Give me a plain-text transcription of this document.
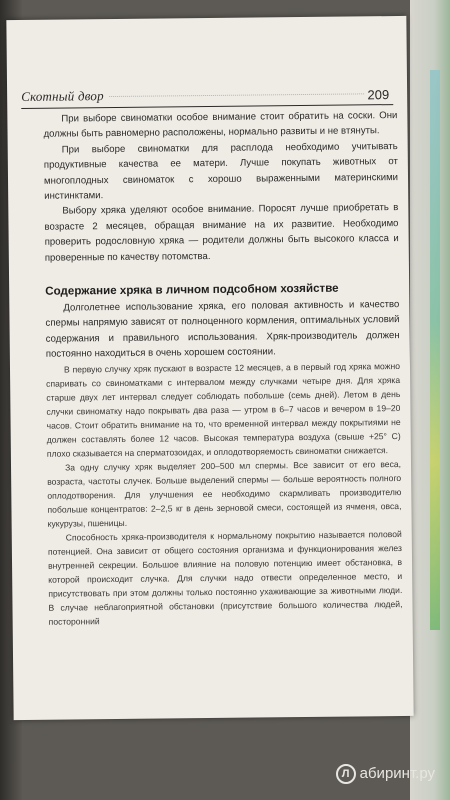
Скотный двор	209

При выборе свиноматки особое внимание стоит обратить на соски. Они должны быть равномерно расположены, нормально развиты и не втянуты.

При выборе свиноматки для расплода необходимо учитывать продуктивные качества ее матери. Лучше покупать животных от многоплодных свиноматок с хорошо выраженными материнскими инстинктами.

Выбору хряка уделяют особое внимание. Поросят лучше приобретать в возрасте 2 месяцев, обращая внимание на их развитие. Необходимо проверить родословную хряка — родители должны быть высокого класса и проверенные по качеству потомства.

Содержание хряка в личном подсобном хозяйстве

Долголетнее использование хряка, его половая активность и качество спермы напрямую зависят от полноценного кормления, оптимальных условий содержания и правильного использования. Хряк-производитель должен постоянно находиться в очень хорошем состоянии.

В первую случку хряк пускают в возрасте 12 месяцев, а в первый год хряка можно спаривать со свиноматками с интервалом между случками четыре дня. Для хряка старше двух лет интервал следует соблюдать побольше (семь дней). Летом в день случки свиноматку надо покрывать два раза — утром в 6–7 часов и вечером в 19–20 часов. Стоит обратить внимание на то, что временной интервал между покрытиями не должен составлять более 12 часов. Высокая температура воздуха (свыше +25° С) плохо сказывается на сперматозоидах, и оплодотворяемость свиноматки снижается.

За одну случку хряк выделяет 200–500 мл спермы. Все зависит от его веса, возраста, частоты случек. Больше выделений спермы — больше вероятность полного оплодотворения. Для улучшения ее необходимо скармливать производителю побольше концентратов: 2–2,5 кг в день зерновой смеси, состоящей из ячменя, овса, кукурузы, пшеницы.

Способность хряка-производителя к нормальному покрытию называется половой потенцией. Она зависит от общего состояния организма и функционирования желез внутренней секреции. Большое влияние на половую потенцию имеет обстановка, в которой происходит случка. Для случки надо отвести определенное место, и присутствовать при этом должны только постоянно ухаживающие за животными люди. В случае неблагоприятной обстановки (присутствие большого количества людей, посторонний

Л абиринт.ру
